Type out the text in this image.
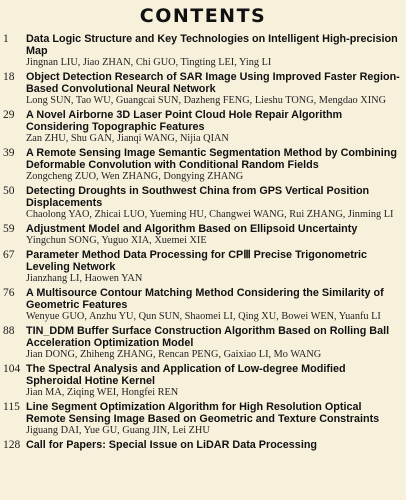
CONTENTS
1 Data Logic Structure and Key Technologies on Intelligent High-precision Map
Jingnan LIU, Jiao ZHAN, Chi GUO, Tingting LEI, Ying LI
18 Object Detection Research of SAR Image Using Improved Faster Region-Based Convolutional Neural Network
Long SUN, Tao WU, Guangcai SUN, Dazheng FENG, Lieshu TONG, Mengdao XING
29 A Novel Airborne 3D Laser Point Cloud Hole Repair Algorithm Considering Topographic Features
Zan ZHU, Shu GAN, Jianqi WANG, Nijia QIAN
39 A Remote Sensing Image Semantic Segmentation Method by Combining Deformable Convolution with Conditional Random Fields
Zongcheng ZUO, Wen ZHANG, Dongying ZHANG
50 Detecting Droughts in Southwest China from GPS Vertical Position Displacements
Chaolong YAO, Zhicai LUO, Yueming HU, Changwei WANG, Rui ZHANG, Jinming LI
59 Adjustment Model and Algorithm Based on Ellipsoid Uncertainty
Yingchun SONG, Yuguo XIA, Xuemei XIE
67 Parameter Method Data Processing for CPⅢ Precise Trigonometric Leveling Network
Jianzhang LI, Haowen YAN
76 A Multisource Contour Matching Method Considering the Similarity of Geometric Features
Wenyue GUO, Anzhu YU, Qun SUN, Shaomei LI, Qing XU, Bowei WEN, Yuanfu LI
88 TIN_DDM Buffer Surface Construction Algorithm Based on Rolling Ball Acceleration Optimization Model
Jian DONG, Zhiheng ZHANG, Rencan PENG, Gaixiao LI, Mo WANG
104 The Spectral Analysis and Application of Low-degree Modified Spheroidal Hotine Kernel
Jian MA, Ziqing WEI, Hongfei REN
115 Line Segment Optimization Algorithm for High Resolution Optical Remote Sensing Image Based on Geometric and Texture Constraints
Jiguang DAI, Yue GU, Guang JIN, Lei ZHU
128 Call for Papers: Special Issue on LiDAR Data Processing
